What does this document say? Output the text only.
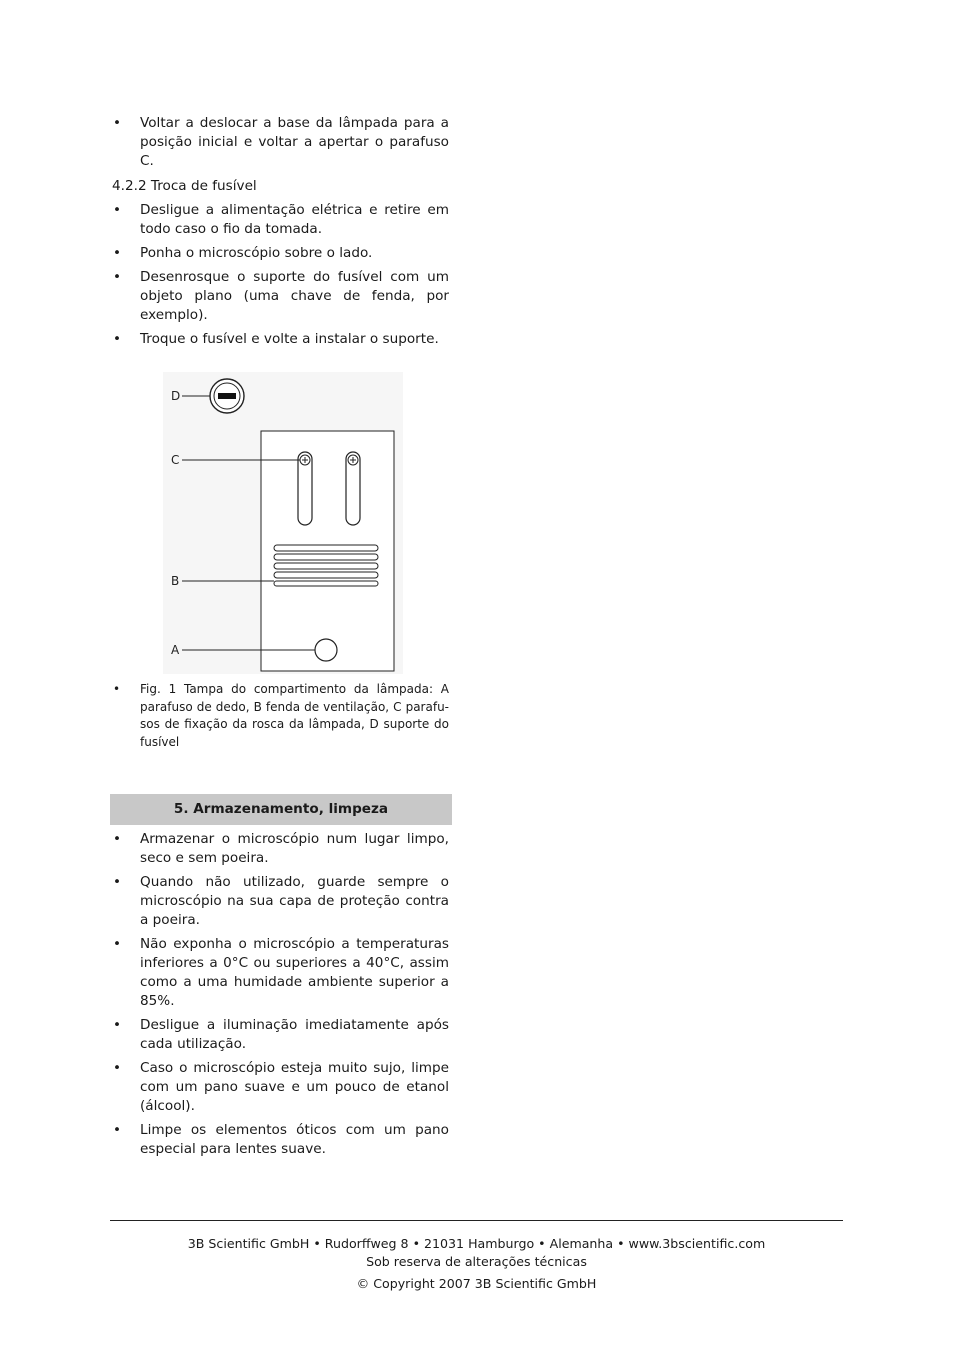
• Voltar a deslocar a base da lâmpada para a posição inicial e voltar a apertar o parafuso C.
4.2.2 Troca de fusível
• Desligue a alimentação elétrica e retire em todo caso o fio da tomada.
• Ponha o microscópio sobre o lado.
• Desenrosque o suporte do fusível com um objeto plano (uma chave de fenda, por exemplo).
• Troque o fusível e volte a instalar o suporte.
D
C
B
A
• Fig. 1 Tampa do compartimento da lâmpada: A parafuso de dedo, B fenda de ventilação, C parafu-sos de fixação da rosca da lâmpada, D suporte do fusível
5. Armazenamento, limpeza
• Armazenar o microscópio num lugar limpo, seco e sem poeira.
• Quando não utilizado, guarde sempre o microscópio na sua capa de proteção contra a poeira.
• Não exponha o microscópio a temperaturas inferiores a 0°C ou superiores a 40°C, assim como a uma humidade ambiente superior a 85%.
• Desligue a iluminação imediatamente após cada utilização.
• Caso o microscópio esteja muito sujo, limpe com um pano suave e um pouco de etanol (álcool).
• Limpe os elementos óticos com um pano especial para lentes suave.
3B Scientific GmbH • Rudorffweg 8 • 21031 Hamburgo • Alemanha • www.3bscientific.com
Sob reserva de alterações técnicas
© Copyright 2007 3B Scientific GmbH
